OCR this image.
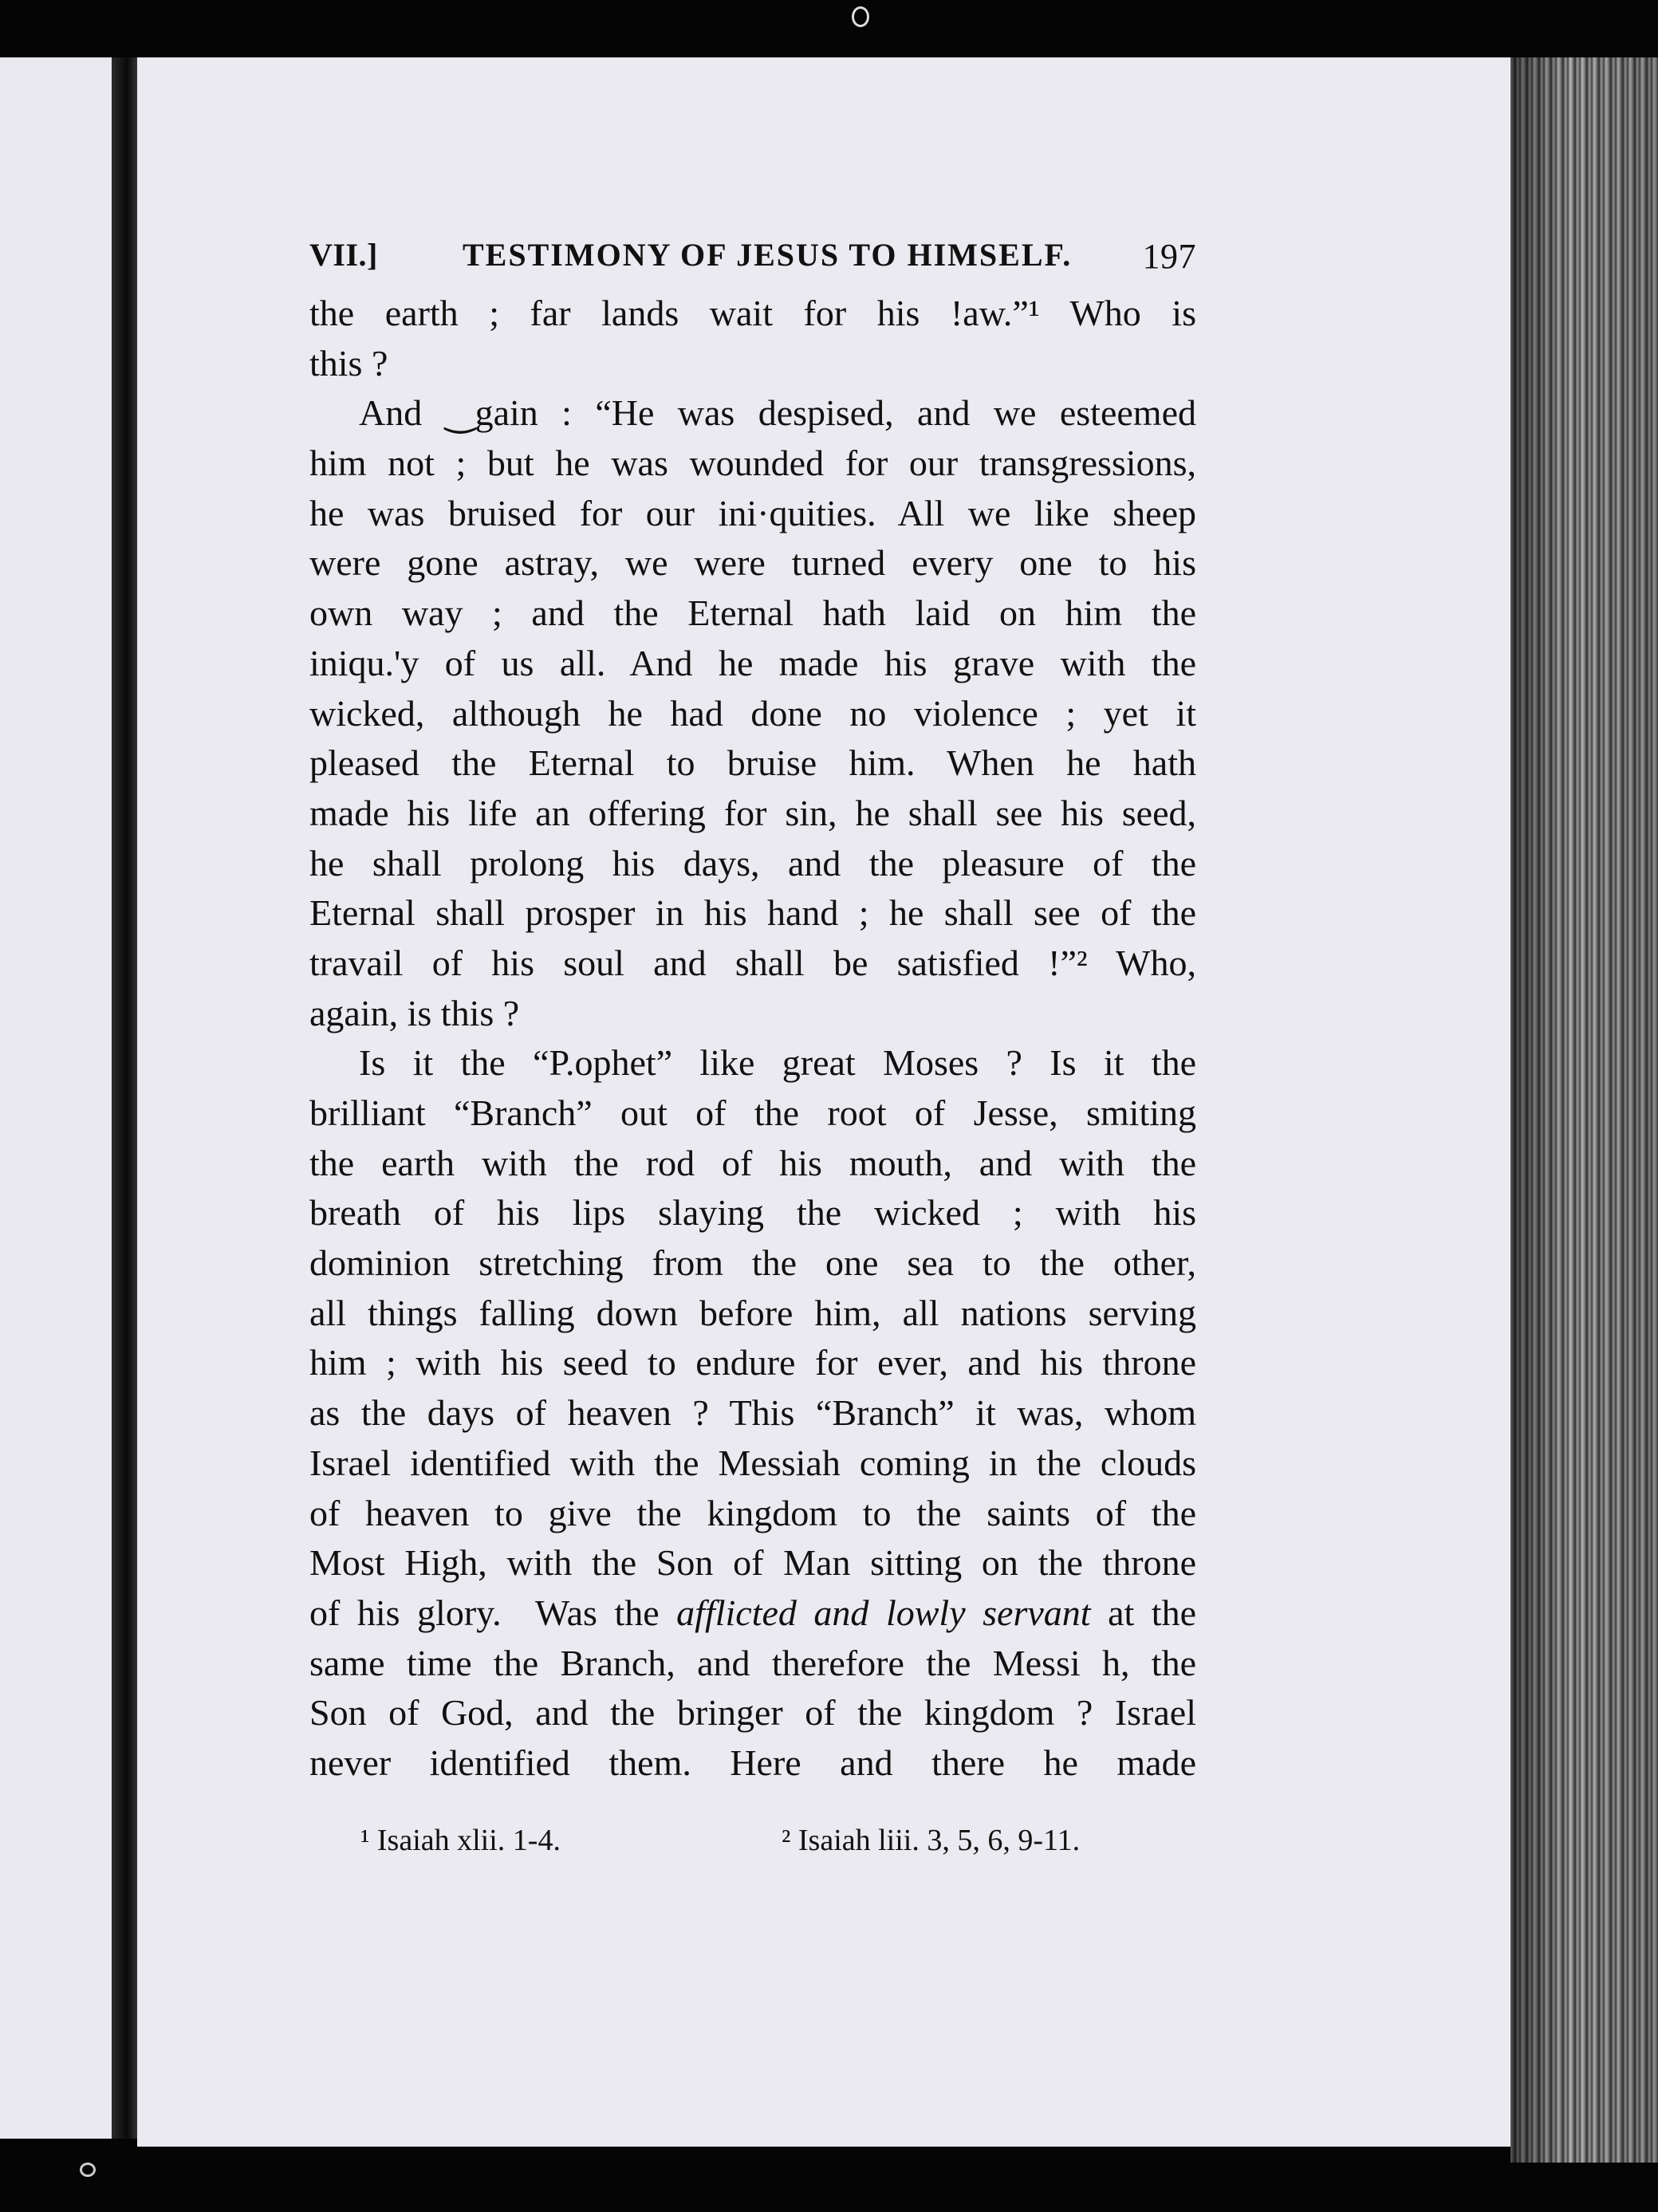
VII.]	TESTIMONY OF JESUS TO HIMSELF. 197
the earth ; far lands wait for his !aw.”¹ Who is
this ?
And ‿gain : “He was despised, and we esteemed
him not ; but he was wounded for our transgressions,
he was bruised for our ini·quities. All we like sheep
were gone astray, we were turned every one to his
own way ; and the Eternal hath laid on him the
iniqu.'y of us all. And he made his grave with the
wicked, although he had done no violence ; yet it
pleased the Eternal to bruise him. When he hath
made his life an offering for sin, he shall see his seed,
he shall prolong his days, and the pleasure of the
Eternal shall prosper in his hand ; he shall see of the
travail of his soul and shall be satisfied !”² Who,
again, is this ?
Is it the “P.ophet” like great Moses ? Is it the
brilliant “Branch” out of the root of Jesse, smiting
the earth with the rod of his mouth, and with the
breath of his lips slaying the wicked ; with his
dominion stretching from the one sea to the other,
all things falling down before him, all nations serving
him ; with his seed to endure for ever, and his throne
as the days of heaven ? This “Branch” it was, whom
Israel identified with the Messiah coming in the clouds
of heaven to give the kingdom to the saints of the
Most High, with the Son of Man sitting on the throne
of his glory.  Was the afflicted and lowly servant at the
same time the Branch, and therefore the Messi h, the
Son of God, and the bringer of the kingdom ? Israel
never identified them. Here and there he made
¹ Isaiah xlii. 1-4.	² Isaiah liii. 3, 5, 6, 9-11.
